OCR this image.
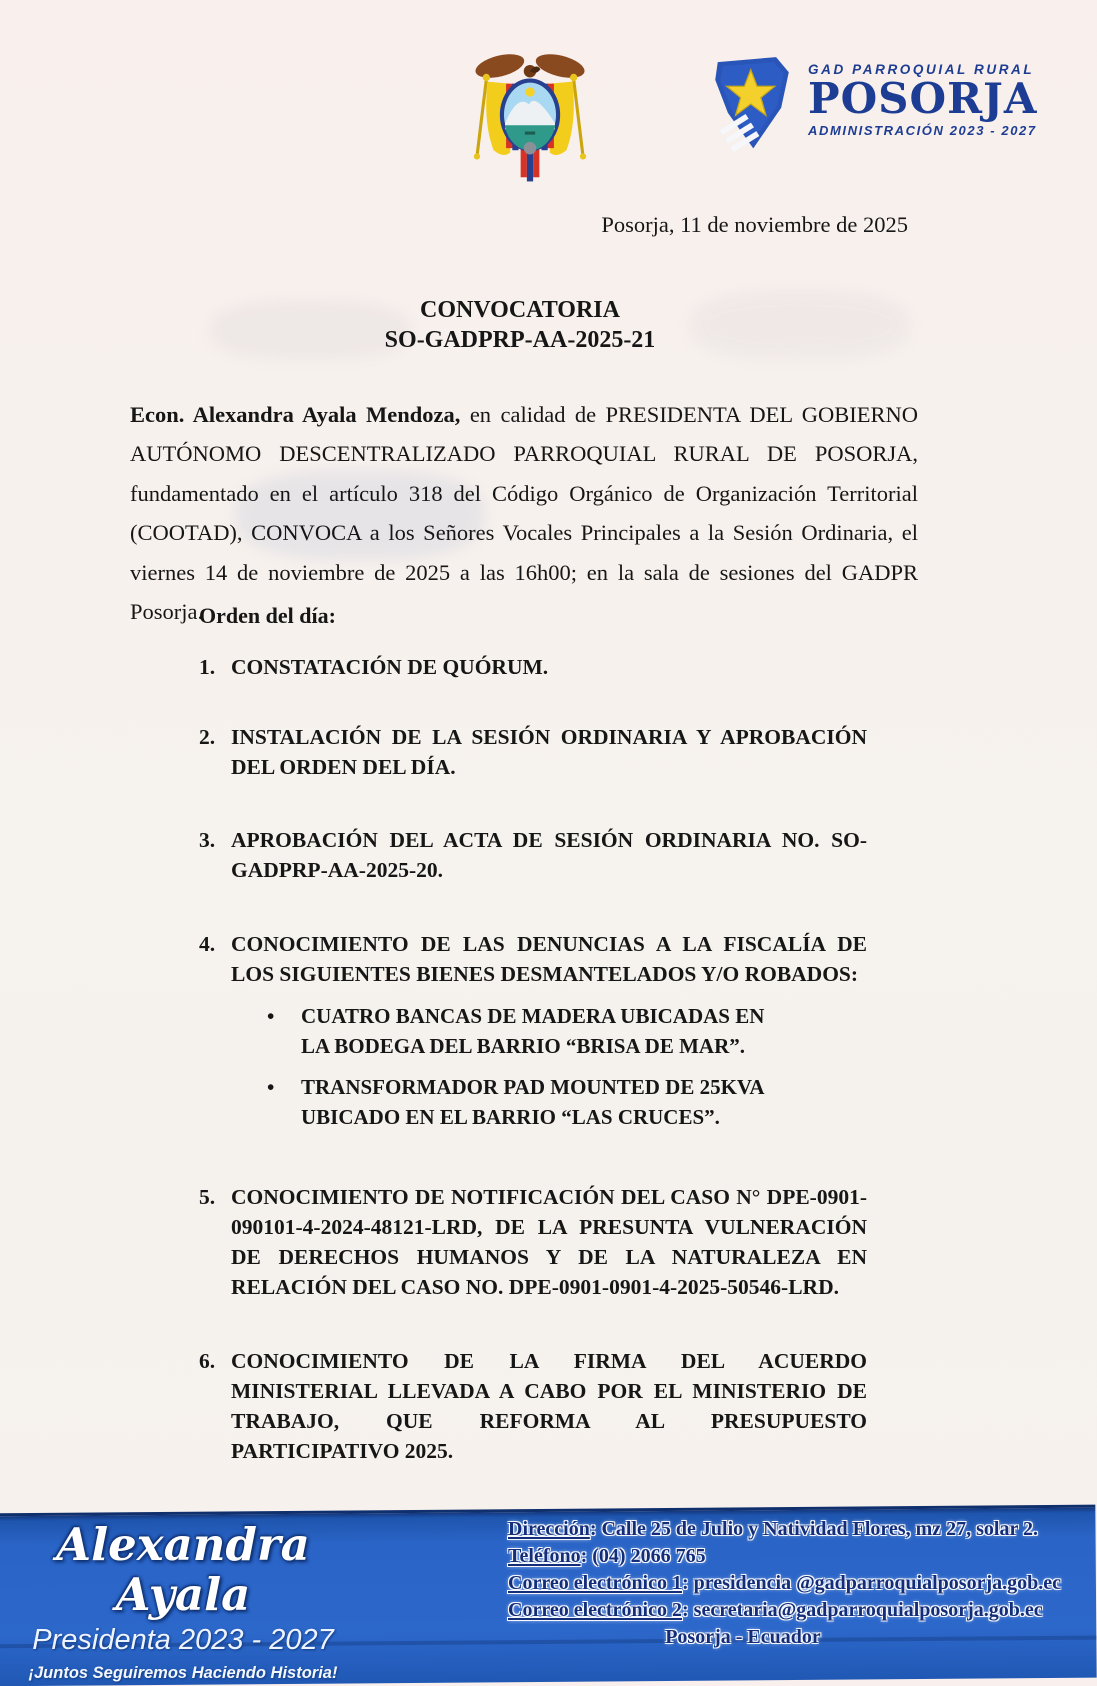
GAD PARROQUIAL RURAL
POSORJA
ADMINISTRACIÓN 2023 - 2027
Posorja, 11 de noviembre de 2025
CONVOCATORIA
SO-GADPRP-AA-2025-21

Econ. Alexandra Ayala Mendoza, en calidad de PRESIDENTA DEL GOBIERNO AUTÓNOMO DESCENTRALIZADO PARROQUIAL RURAL DE POSORJA, fundamentado en el artículo 318 del Código Orgánico de Organización Territorial (COOTAD), CONVOCA a los Señores Vocales Principales a la Sesión Ordinaria, el viernes 14 de noviembre de 2025 a las 16h00; en la sala de sesiones del GADPR Posorja.

Orden del día:
1. CONSTATACIÓN DE QUÓRUM.
2. INSTALACIÓN DE LA SESIÓN ORDINARIA Y APROBACIÓN DEL ORDEN DEL DÍA.
3. APROBACIÓN DEL ACTA DE SESIÓN ORDINARIA NO. SO-GADPRP-AA-2025-20.
4. CONOCIMIENTO DE LAS DENUNCIAS A LA FISCALÍA DE LOS SIGUIENTES BIENES DESMANTELADOS Y/O ROBADOS:
•	CUATRO BANCAS DE MADERA UBICADAS EN LA BODEGA DEL BARRIO “BRISA DE MAR”.
•	TRANSFORMADOR PAD MOUNTED DE 25KVA UBICADO EN EL BARRIO “LAS CRUCES”.
5. CONOCIMIENTO DE NOTIFICACIÓN DEL CASO N° DPE-0901-090101-4-2024-48121-LRD, DE LA PRESUNTA VULNERACIÓN DE DERECHOS HUMANOS Y DE LA NATURALEZA EN RELACIÓN DEL CASO NO. DPE-0901-0901-4-2025-50546-LRD.
6. CONOCIMIENTO DE LA FIRMA DEL ACUERDO MINISTERIAL LLEVADA A CABO POR EL MINISTERIO DE TRABAJO, QUE REFORMA AL PRESUPUESTO PARTICIPATIVO 2025.
Alexandra Ayala
Presidenta 2023 - 2027
¡Juntos Seguiremos Haciendo Historia!
Dirección: Calle 25 de Julio y Natividad Flores, mz 27, solar 2.
Teléfono: (04) 2066 765
Correo electrónico 1: presidencia @gadparroquialposorja.gob.ec
Correo electrónico 2: secretaria@gadparroquialposorja.gob.ec
Posorja - Ecuador
